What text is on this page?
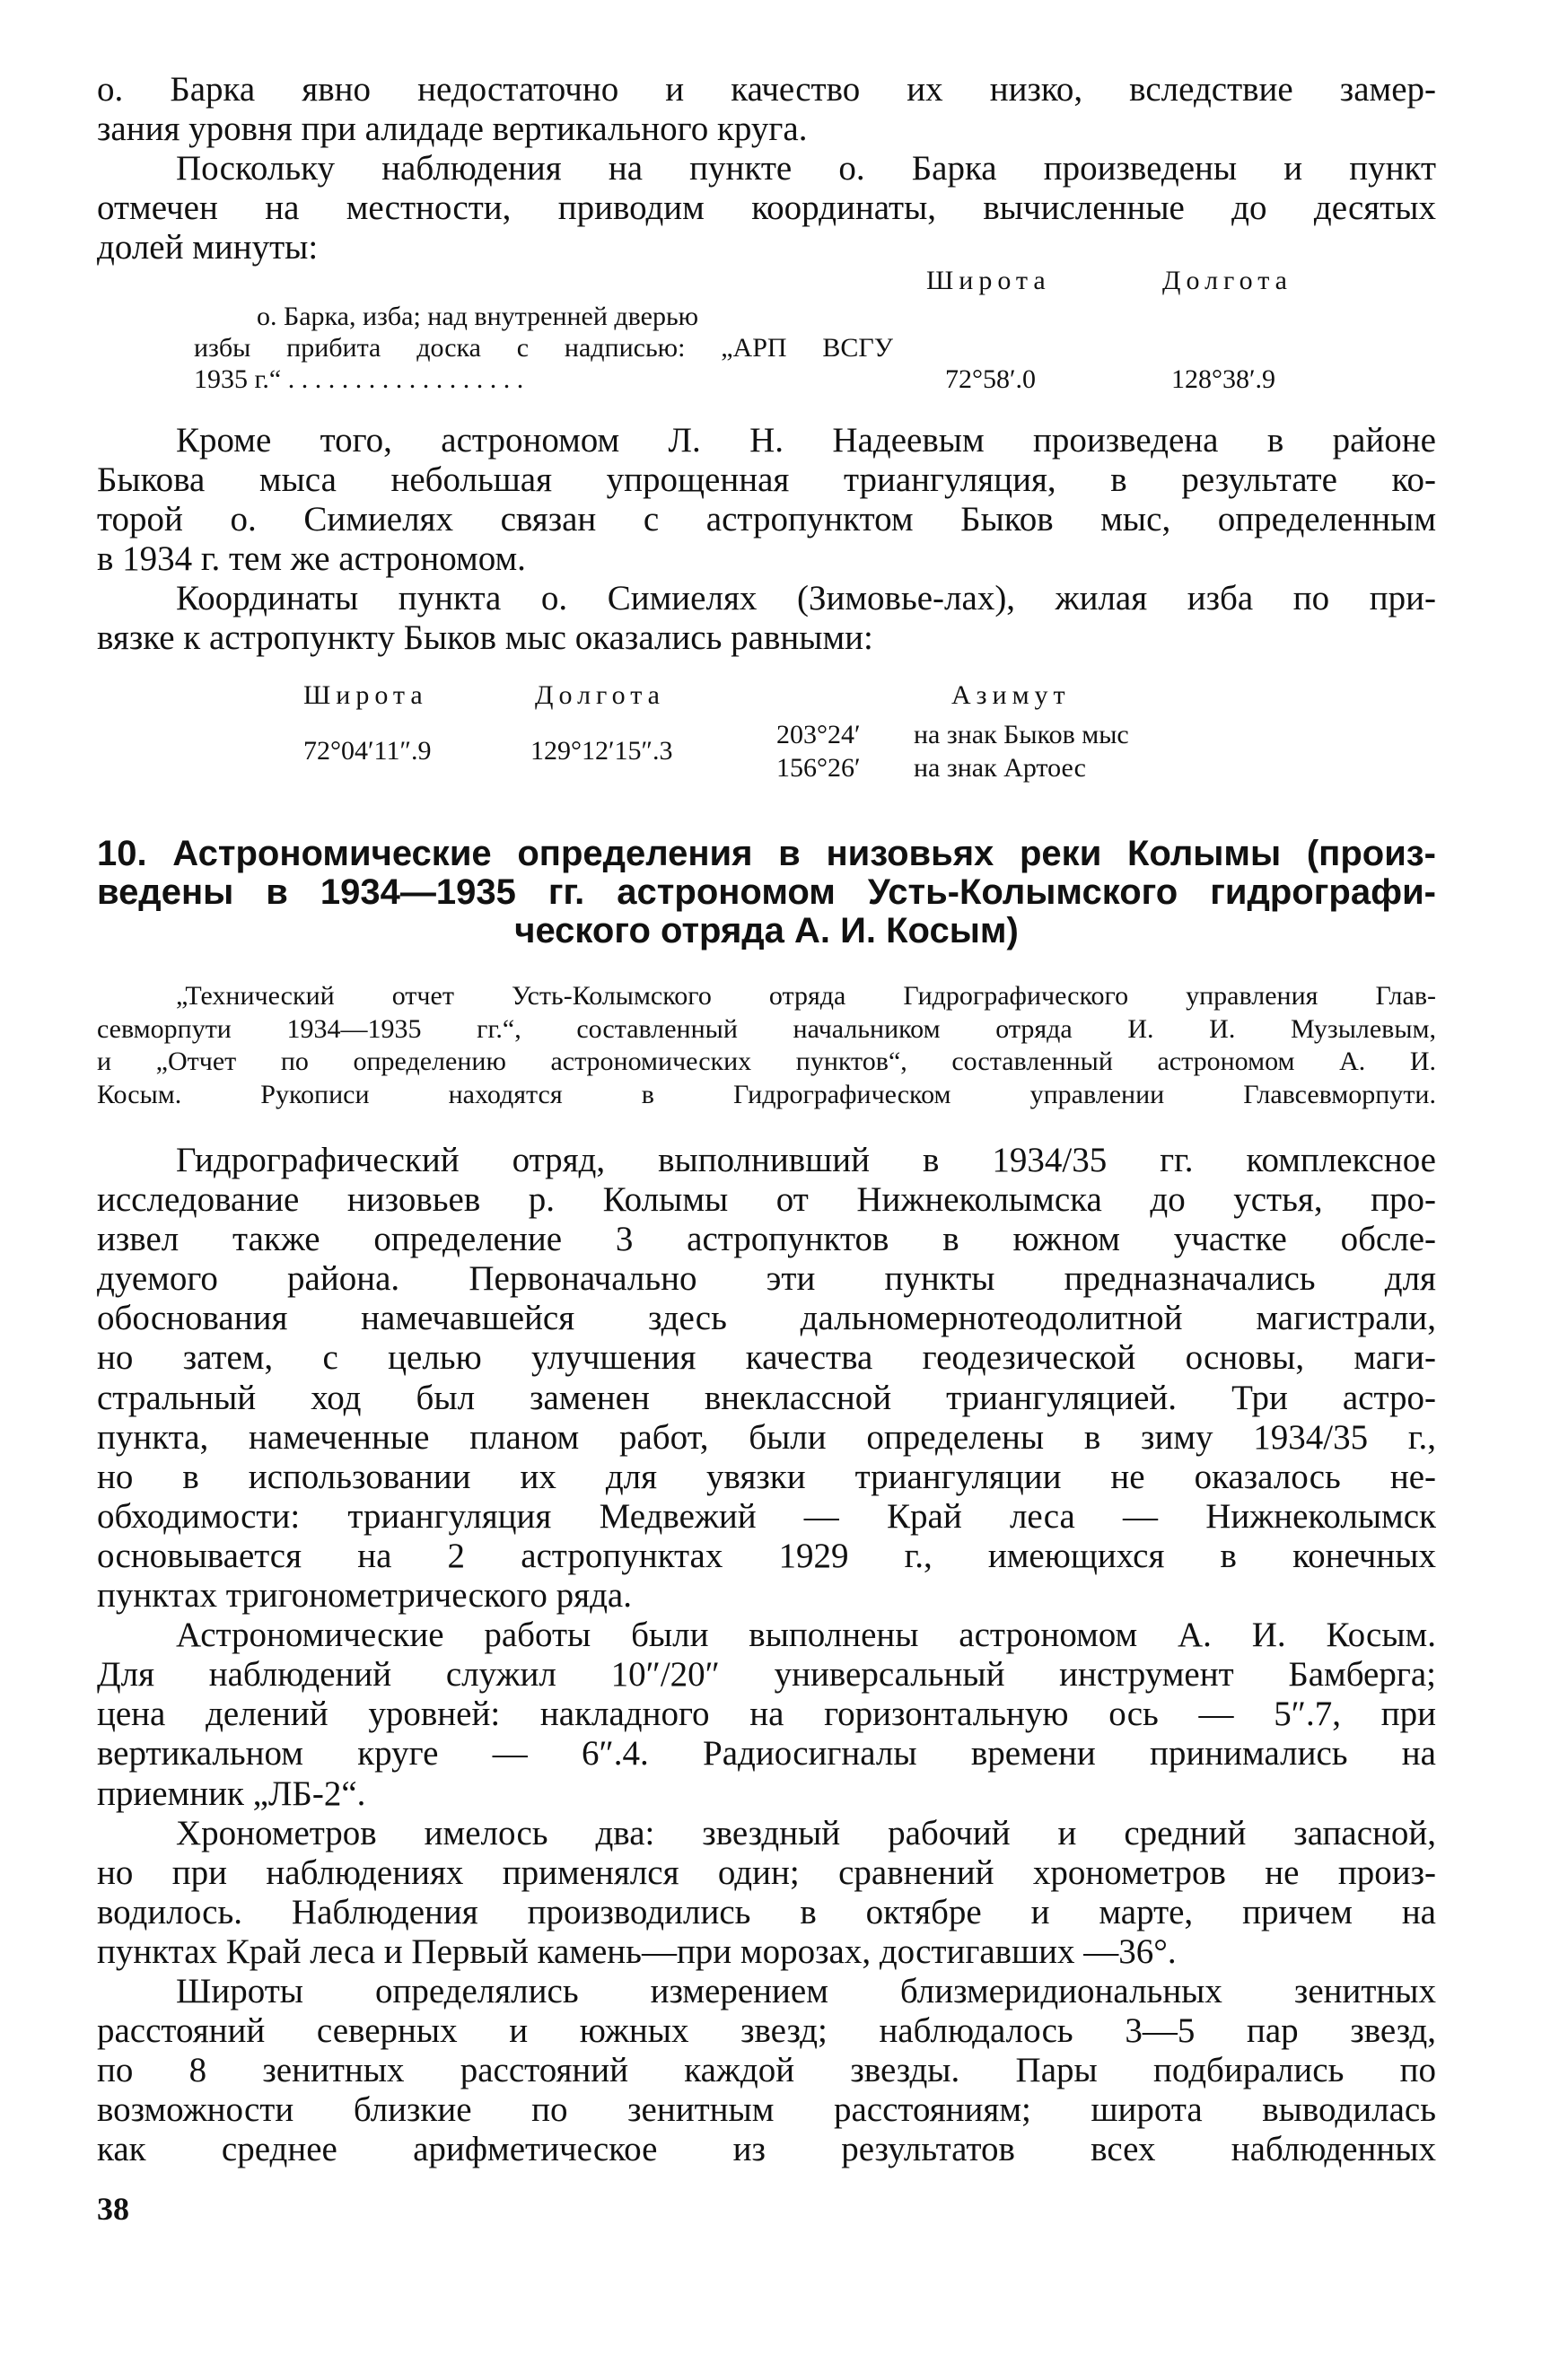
о. Барка явно недостаточно и качество их низко, вследствие замер-
зания уровня при алидаде вертикального круга.
Поскольку наблюдения на пункте о. Барка произведены и пункт
отмечен на местности, приводим координаты, вычисленные до десятых
долей минуты:
Широта	Долгота
о. Барка, изба; над внутренней дверью
избы прибита доска с надписью: „АРП ВСГУ
1935 г.“ . . . . . . . . . . . . . . . . . .	72°58′.0	128°38′.9
Кроме того, астрономом Л. Н. Надеевым произведена в районе
Быкова мыса небольшая упрощенная триангуляция, в результате ко-
торой о. Симиелях связан с астропунктом Быков мыс, определенным
в 1934 г. тем же астрономом.
Координаты пункта о. Симиелях (Зимовье-лах), жилая изба по при-
вязке к астропункту Быков мыс оказались равными:
Широта	Долгота	Азимут
72°04′11″.9	129°12′15″.3
203°24′ на знак Быков мыс
156°26′ на знак Артоес
10. Астрономические определения в низовьях реки Колымы (произ-
ведены в 1934—1935 гг. астрономом Усть-Колымского гидрографи-
ческого отряда А. И. Косым)
„Технический отчет Усть-Колымского отряда Гидрографического управления Глав-
севморпути 1934—1935 гг.“, составленный начальником отряда И. И. Музылевым,
и „Отчет по определению астрономических пунктов“, составленный астрономом А. И.
Косым. Рукописи находятся в Гидрографическом управлении Главсевморпути.
Гидрографический отряд, выполнивший в 1934/35 гг. комплексное
исследование низовьев р. Колымы от Нижнеколымска до устья, про-
извел также определение 3 астропунктов в южном участке обсле-
дуемого района. Первоначально эти пункты предназначались для
обоснования намечавшейся здесь дальномернотеодолитной магистрали,
но затем, с целью улучшения качества геодезической основы, маги-
стральный ход был заменен внеклассной триангуляцией. Три астро-
пункта, намеченные планом работ, были определены в зиму 1934/35 г.,
но в использовании их для увязки триангуляции не оказалось не-
обходимости: триангуляция Медвежий — Край леса — Нижнеколымск
основывается на 2 астропунктах 1929 г., имеющихся в конечных
пунктах тригонометрического ряда.
Астрономические работы были выполнены астрономом А. И. Косым.
Для наблюдений служил 10″/20″ универсальный инструмент Бамберга;
цена делений уровней: накладного на горизонтальную ось — 5″.7, при
вертикальном круге — 6″.4. Радиосигналы времени принимались на
приемник „ЛБ-2“.
Хронометров имелось два: звездный рабочий и средний запасной,
но при наблюдениях применялся один; сравнений хронометров не произ-
водилось. Наблюдения производились в октябре и марте, причем на
пунктах Край леса и Первый камень—при морозах, достигавших —36°.
Широты определялись измерением близмеридиональных зенитных
расстояний северных и южных звезд; наблюдалось 3—5 пар звезд,
по 8 зенитных расстояний каждой звезды. Пары подбирались по
возможности близкие по зенитным расстояниям; широта выводилась
как среднее арифметическое из результатов всех наблюденных
38
